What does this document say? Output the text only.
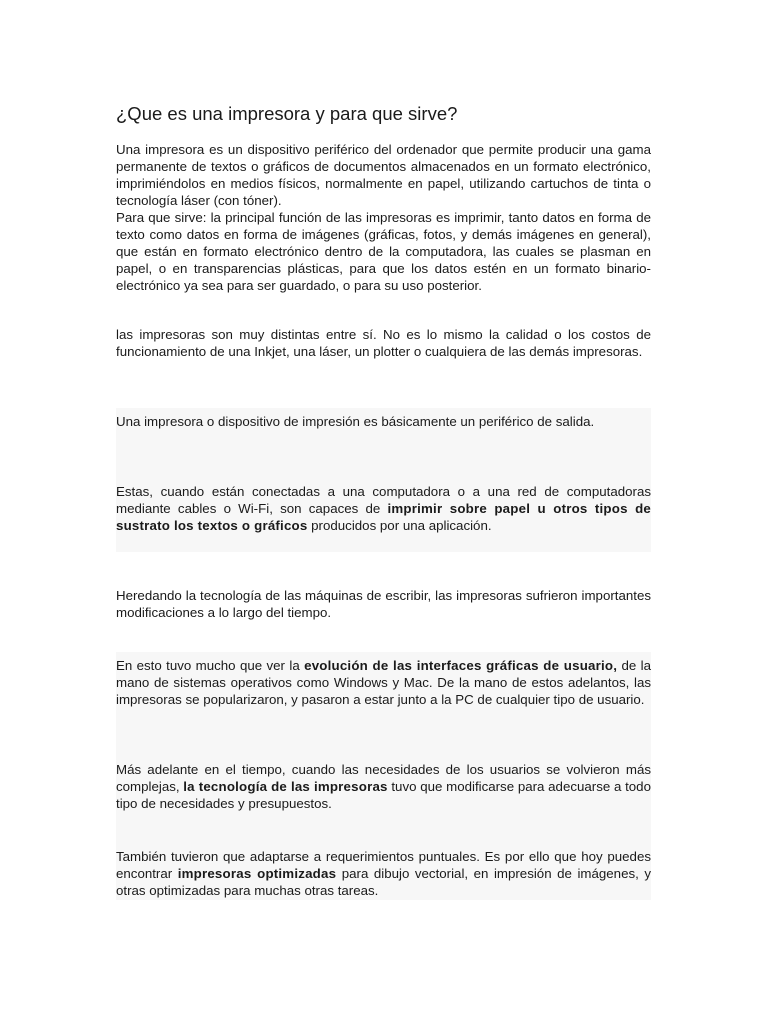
¿Que es una impresora y para que sirve?

Una impresora es un dispositivo periférico del ordenador que permite producir una gama permanente de textos o gráficos de documentos almacenados en un formato electrónico, imprimiéndolos en medios físicos, normalmente en papel, utilizando cartuchos de tinta o tecnología láser (con tóner).

Para que sirve: la principal función de las impresoras es imprimir, tanto datos en forma de texto como datos en forma de imágenes (gráficas, fotos, y demás imágenes en general), que están en formato electrónico dentro de la computadora, las cuales se plasman en papel, o en transparencias plásticas, para que los datos estén en un formato binario-electrónico ya sea para ser guardado, o para su uso posterior.

las impresoras son muy distintas entre sí. No es lo mismo la calidad o los costos de funcionamiento de una Inkjet, una láser, un plotter o cualquiera de las demás impresoras.

Una impresora o dispositivo de impresión es básicamente un periférico de salida.

Estas, cuando están conectadas a una computadora o a una red de computadoras mediante cables o Wi-Fi, son capaces de imprimir sobre papel u otros tipos de sustrato los textos o gráficos producidos por una aplicación.

Heredando la tecnología de las máquinas de escribir, las impresoras sufrieron importantes modificaciones a lo largo del tiempo.

En esto tuvo mucho que ver la evolución de las interfaces gráficas de usuario, de la mano de sistemas operativos como Windows y Mac. De la mano de estos adelantos, las impresoras se popularizaron, y pasaron a estar junto a la PC de cualquier tipo de usuario.

Más adelante en el tiempo, cuando las necesidades de los usuarios se volvieron más complejas, la tecnología de las impresoras tuvo que modificarse para adecuarse a todo tipo de necesidades y presupuestos.

También tuvieron que adaptarse a requerimientos puntuales. Es por ello que hoy puedes encontrar impresoras optimizadas para dibujo vectorial, en impresión de imágenes, y otras optimizadas para muchas otras tareas.
